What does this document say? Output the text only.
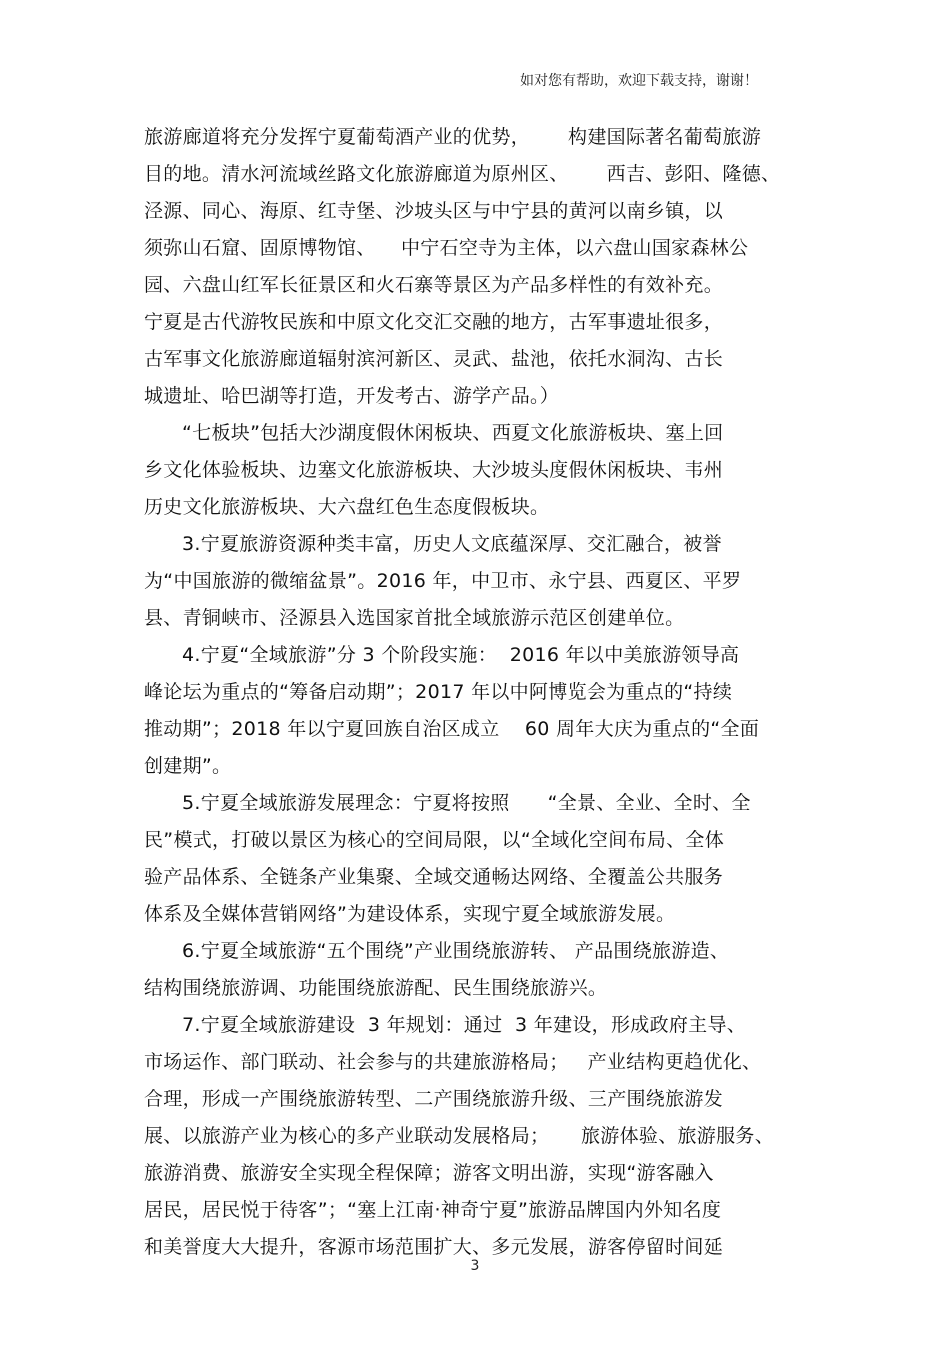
如对您有帮助，欢迎下载支持，谢谢！
旅游廊道将充分发挥宁夏葡萄酒产业的优势，      构建国际著名葡萄旅游
目的地。清水河流域丝路文化旅游廊道为原州区、      西吉、彭阳、隆德、
泾源、同心、海原、红寺堡、沙坡头区与中宁县的黄河以南乡镇，以
须弥山石窟、固原博物馆、    中宁石空寺为主体，以六盘山国家森林公
园、六盘山红军长征景区和火石寨等景区为产品多样性的有效补充。
宁夏是古代游牧民族和中原文化交汇交融的地方，古军事遗址很多，
古军事文化旅游廊道辐射滨河新区、灵武、盐池，依托水洞沟、古长
城遗址、哈巴湖等打造，开发考古、游学产品。）
“七板块”包括大沙湖度假休闲板块、西夏文化旅游板块、塞上回
乡文化体验板块、边塞文化旅游板块、大沙坡头度假休闲板块、韦州
历史文化旅游板块、大六盘红色生态度假板块。
3.宁夏旅游资源种类丰富，历史人文底蕴深厚、交汇融合，被誉
为“中国旅游的微缩盆景”。2016 年，中卫市、永宁县、西夏区、平罗
县、青铜峡市、泾源县入选国家首批全域旅游示范区创建单位。
4.宁夏“全域旅游”分 3 个阶段实施：  2016 年以中美旅游领导高
峰论坛为重点的“筹备启动期”；2017 年以中阿博览会为重点的“持续
推动期”；2018 年以宁夏回族自治区成立    60 周年大庆为重点的“全面
创建期”。
5.宁夏全域旅游发展理念：宁夏将按照      “全景、全业、全时、全
民”模式，打破以景区为核心的空间局限，以“全域化空间布局、全体
验产品体系、全链条产业集聚、全域交通畅达网络、全覆盖公共服务
体系及全媒体营销网络”为建设体系，实现宁夏全域旅游发展。
6.宁夏全域旅游“五个围绕”产业围绕旅游转、 产品围绕旅游造、
结构围绕旅游调、功能围绕旅游配、民生围绕旅游兴。
7.宁夏全域旅游建设  3 年规划：通过  3 年建设，形成政府主导、
市场运作、部门联动、社会参与的共建旅游格局；   产业结构更趋优化、
合理，形成一产围绕旅游转型、二产围绕旅游升级、三产围绕旅游发
展、以旅游产业为核心的多产业联动发展格局；     旅游体验、旅游服务、
旅游消费、旅游安全实现全程保障；游客文明出游，实现“游客融入
居民，居民悦于待客”；“塞上江南·神奇宁夏”旅游品牌国内外知名度
和美誉度大大提升，客源市场范围扩大、多元发展，游客停留时间延
3
